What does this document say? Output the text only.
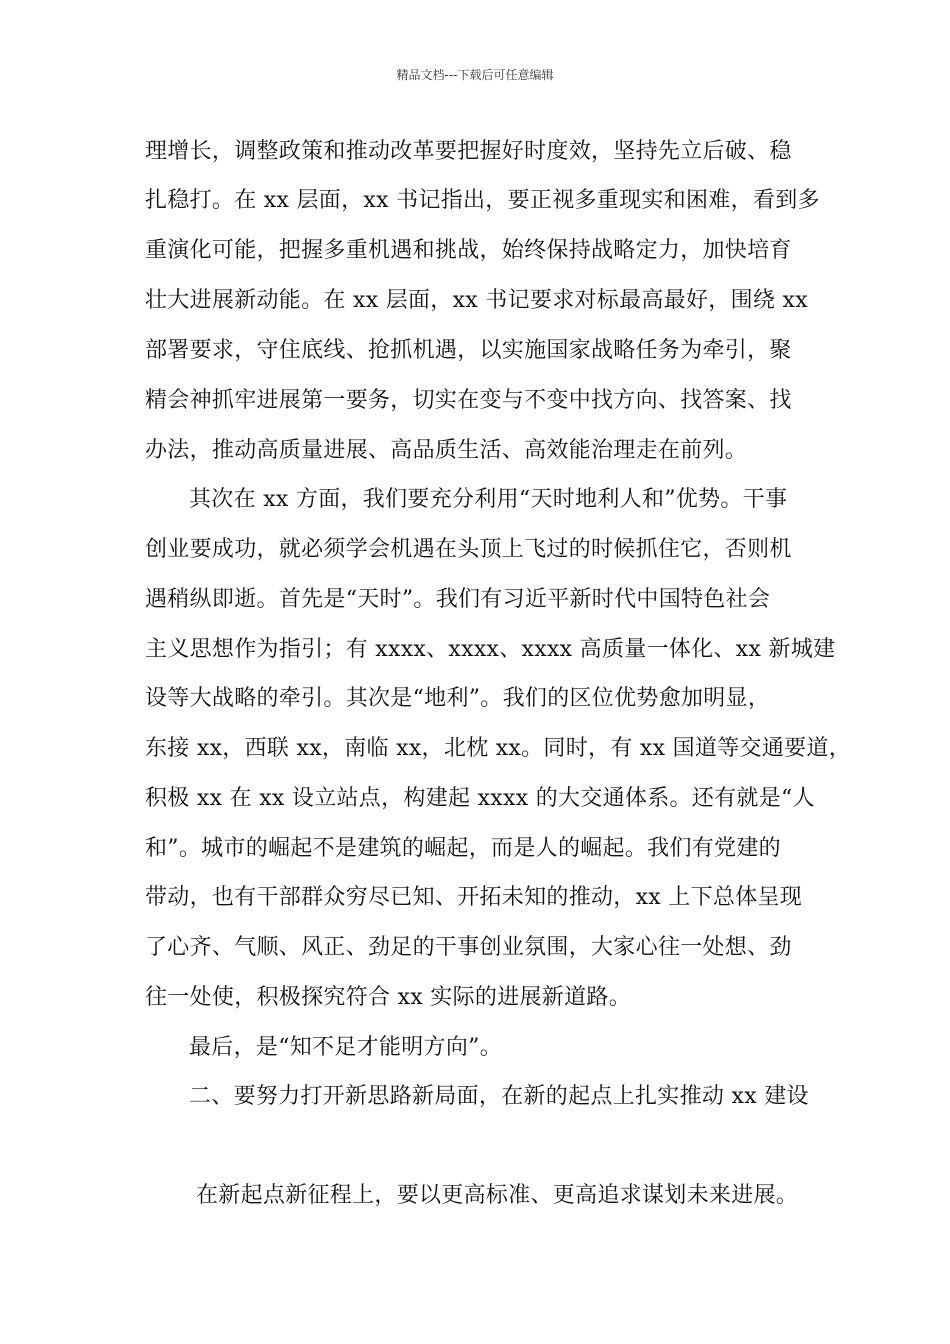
精品文档---下载后可任意编辑
理增长，调整政策和推动改革要把握好时度效，坚持先立后破、稳
扎稳打。在 xx 层面，xx 书记指出，要正视多重现实和困难，看到多
重演化可能，把握多重机遇和挑战，始终保持战略定力，加快培育
壮大进展新动能。在 xx 层面，xx 书记要求对标最高最好，围绕 xx
部署要求，守住底线、抢抓机遇，以实施国家战略任务为牵引，聚
精会神抓牢进展第一要务，切实在变与不变中找方向、找答案、找
办法，推动高质量进展、高品质生活、高效能治理走在前列。
其次在 xx 方面，我们要充分利用“天时地利人和”优势。干事
创业要成功，就必须学会机遇在头顶上飞过的时候抓住它，否则机
遇稍纵即逝。首先是“天时”。我们有习近平新时代中国特色社会
主义思想作为指引；有 xxxx、xxxx、xxxx 高质量一体化、xx 新城建
设等大战略的牵引。其次是“地利”。我们的区位优势愈加明显，
东接 xx，西联 xx，南临 xx，北枕 xx。同时，有 xx 国道等交通要道，
积极 xx 在 xx 设立站点，构建起 xxxx 的大交通体系。还有就是“人
和”。城市的崛起不是建筑的崛起，而是人的崛起。我们有党建的
带动，也有干部群众穷尽已知、开拓未知的推动，xx 上下总体呈现
了心齐、气顺、风正、劲足的干事创业氛围，大家心往一处想、劲
往一处使，积极探究符合 xx 实际的进展新道路。
最后，是“知不足才能明方向”。
二、要努力打开新思路新局面，在新的起点上扎实推动 xx 建设
在新起点新征程上，要以更高标准、更高追求谋划未来进展。
